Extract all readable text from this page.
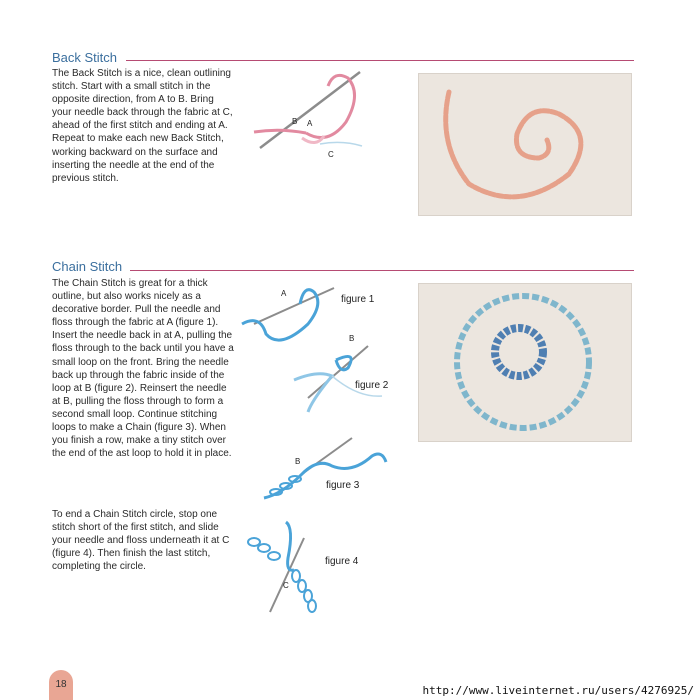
Back Stitch

The Back Stitch is a nice, clean outlining stitch. Start with a small stitch in the opposite direction, from A to B. Bring your needle back through the fabric at C, ahead of the first stitch and ending at A. Repeat to make each new Back Stitch, working backward on the surface and inserting the needle at the end of the previous stitch.

B A
C
Chain Stitch

The Chain Stitch is great for a thick outline, but also works nicely as a decorative border. Pull the needle and floss through the fabric at A (figure 1). Insert the needle back in at A, pulling the floss through to the back until you have a small loop on the front. Bring the needle back up through the fabric inside of the loop at B (figure 2). Reinsert the needle at B, pulling the floss through to form a second small loop. Continue stitching loops to make a Chain (figure 3). When you finish a row, make a tiny stitch over the end of the ast loop to hold it in place.

To end a Chain Stitch circle, stop one stitch short of the first stitch, and slide your needle and floss underneath it at C (figure 4). Then finish the last stitch, completing the circle.

A
figure 1
B
figure 2
B
figure 3
C
figure 4
18	http://www.liveinternet.ru/users/4276925/
